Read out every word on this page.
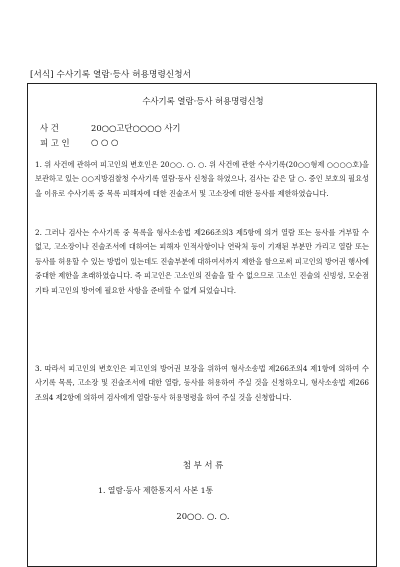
[서식] 수사기록 열람·등사 허용명령신청서
수사기록 열람·등사 허용명령신청
사 건	20○○고단○○○○ 사기
피 고 인	○ ○ ○

1. 위 사건에 관하여 피고인의 변호인은 20○○. ○. ○. 위 사건에 관한 수사기록(20○○형제 ○○○○호)을 보관하고 있는 ○○지방검찰청 수사기록 열람·등사 신청을 하였으나, 검사는 같은 달 ○. 증인 보호의 필요성을 이유로 수사기록 중 목록 피해자에 대한 진술조서 및 고소장에 대한 등사를 제한하였습니다.

2. 그러나 검사는 수사기록 중 목록을 형사소송법 제266조의3 제5항에 의거 열람 또는 등사를 거부할 수 없고, 고소장이나 진술조서에 대하여는 피해자 인적사항이나 연락처 등이 기재된 부분만 가리고 열람 또는 등사를 허용할 수 있는 방법이 있는데도 진술부분에 대하여서까지 제한을 함으로써 피고인의 방어권 행사에 중대한 제한을 초래하였습니다. 즉 피고인은 고소인의 진술을 할 수 없으므로 고소인 진술의 신빙성, 모순점 기타 피고인의 방어에 필요한 사항을 준비할 수 없게 되었습니다.

3. 따라서 피고인의 변호인은 피고인의 방어권 보장을 위하여 형사소송법 제266조의4 제1항에 의하여 수사기록 목록, 고소장 및 진술조서에 대한 열람, 등사를 허용하여 주실 것을 신청하오니, 형사소송법 제266조의4 제2항에 의하여 검사에게 열람·등사 허용명령을 하여 주실 것을 신청합니다.

첨 부 서 류
1. 열람·등사 제한통지서 사본 1통
20○○. ○. ○.
